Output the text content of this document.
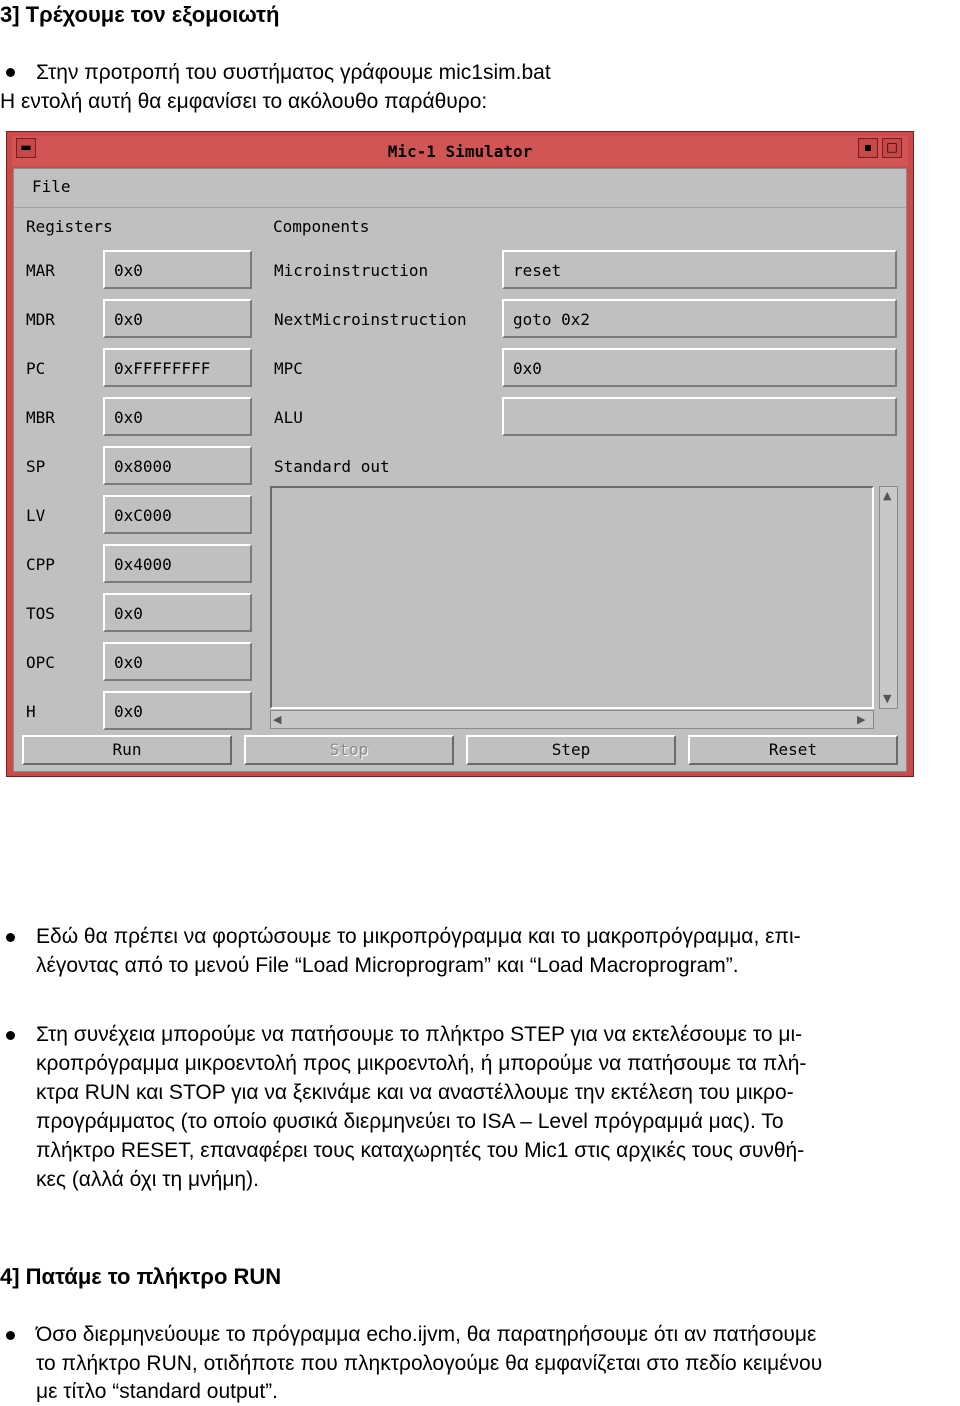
3] Τρέχουμε τον εξομοιωτή
Στην προτροπή του συστήματος γράφουμε mic1sim.bat
Η εντολή αυτή θα εμφανίσει το ακόλουθο παράθυρο:
▬	Mic-1 Simulator	▪	□
File
Registers	Components
MAR	0x0
MDR	0x0
PC	0xFFFFFFFF
MBR	0x0
SP	0x8000
LV	0xC000
CPP	0x4000
TOS	0x0
OPC	0x0
H	0x0
Microinstruction	reset
NextMicroinstruction	goto 0x2
MPC	0x0
ALU
Standard out
▲
▼
◀	▶
Run	Stop	Step	Reset
Εδώ θα πρέπει να φορτώσουμε το μικροπρόγραμμα και το μακροπρόγραμμα, επι-
λέγοντας από το μενού File “Load Microprogram” και “Load Macroprogram”.
Στη συνέχεια μπορούμε να πατήσουμε το πλήκτρο STEP για να εκτελέσουμε το μι-
κροπρόγραμμα μικροεντολή προς μικροεντολή, ή μπορούμε να πατήσουμε τα πλή-
κτρα RUN και STOP για να ξεκινάμε και να αναστέλλουμε την εκτέλεση του μικρο-
προγράμματος (το οποίο φυσικά διερμηνεύει το ISA – Level πρόγραμμά μας). Το
πλήκτρο RESET, επαναφέρει τους καταχωρητές του Mic1 στις αρχικές τους συνθή-
κες (αλλά όχι τη μνήμη).
4] Πατάμε το πλήκτρο RUN
Όσο διερμηνεύουμε το πρόγραμμα echo.ijvm, θα παρατηρήσουμε ότι αν πατήσουμε
το πλήκτρο RUN, οτιδήποτε που πληκτρολογούμε θα εμφανίζεται στο πεδίο κειμένου
με τίτλο “standard output”.
